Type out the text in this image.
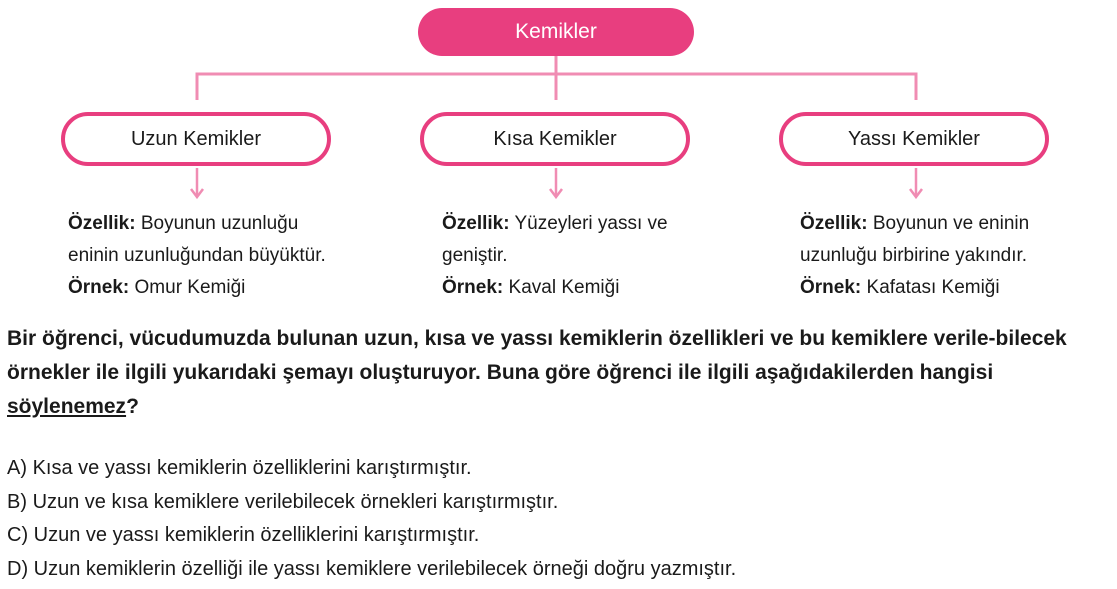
Kemikler
Uzun Kemikler	Kısa Kemikler	Yassı Kemikler
Özellik: Boyunun uzunluğu
eninin uzunluğundan büyüktür.
Örnek: Omur Kemiği
Özellik: Yüzeyleri yassı ve
geniştir.
Örnek: Kaval Kemiği
Özellik: Boyunun ve eninin
uzunluğu birbirine yakındır.
Örnek: Kafatası Kemiği
Bir öğrenci, vücudumuzda bulunan uzun, kısa ve yassı kemiklerin özellikleri ve bu kemiklere verile-bilecek örnekler ile ilgili yukarıdaki şemayı oluşturuyor. Buna göre öğrenci ile ilgili aşağıdakilerden hangisi söylenemez?
A) Kısa ve yassı kemiklerin özelliklerini karıştırmıştır.
B) Uzun ve kısa kemiklere verilebilecek örnekleri karıştırmıştır.
C) Uzun ve yassı kemiklerin özelliklerini karıştırmıştır.
D) Uzun kemiklerin özelliği ile yassı kemiklere verilebilecek örneği doğru yazmıştır.
